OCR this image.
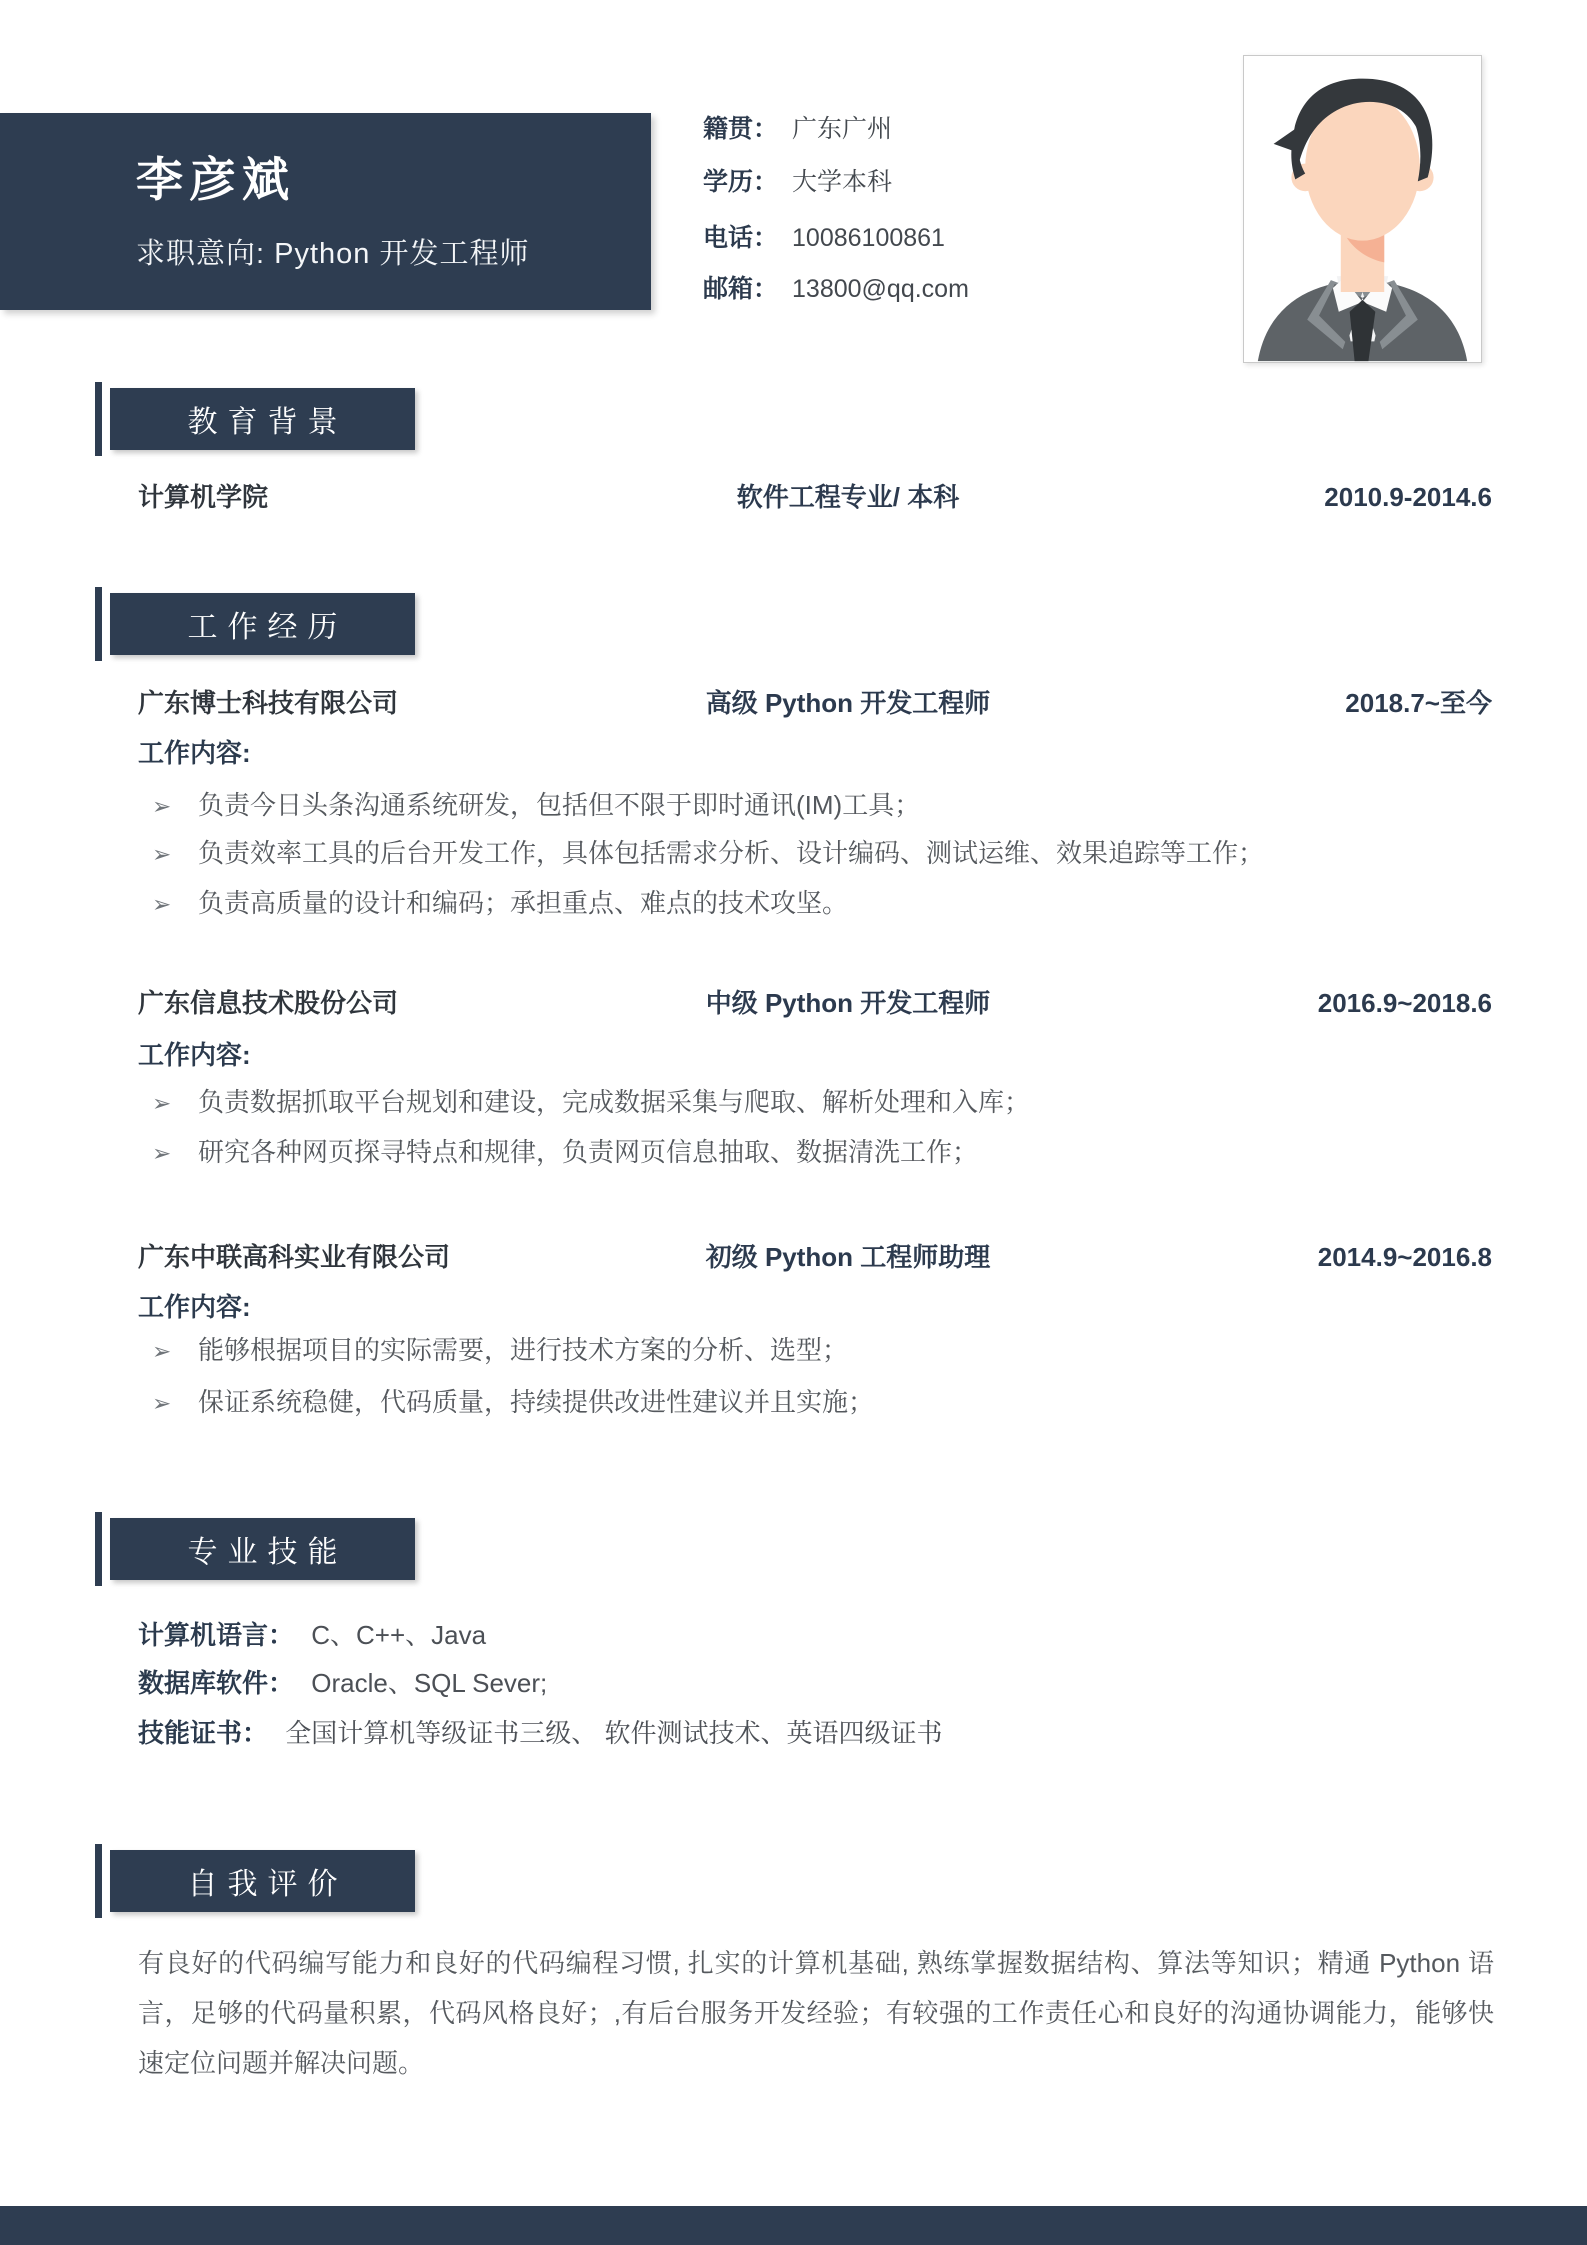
李彦斌
求职意向: Python 开发工程师
籍贯： 广东广州
学历： 大学本科
电话： 10086100861
邮箱： 13800@qq.com
教育背景
计算机学院	软件工程专业/ 本科	2010.9-2014.6
工作经历
广东博士科技有限公司	高级 Python 开发工程师	2018.7~至今
工作内容:
➢	负责今日头条沟通系统研发，包括但不限于即时通讯(IM)工具；
➢	负责效率工具的后台开发工作，具体包括需求分析、设计编码、测试运维、效果追踪等工作；
➢	负责高质量的设计和编码；承担重点、难点的技术攻坚。
广东信息技术股份公司	中级 Python 开发工程师	2016.9~2018.6
工作内容:
➢	负责数据抓取平台规划和建设，完成数据采集与爬取、解析处理和入库；
➢	研究各种网页探寻特点和规律，负责网页信息抽取、数据清洗工作；
广东中联高科实业有限公司	初级 Python 工程师助理	2014.9~2016.8
工作内容:
➢	能够根据项目的实际需要，进行技术方案的分析、选型；
➢	保证系统稳健，代码质量，持续提供改进性建议并且实施；
专业技能
计算机语言： C、C++、Java
数据库软件： Oracle、SQL Sever;
技能证书： 全国计算机等级证书三级、 软件测试技术、英语四级证书
自我评价
有良好的代码编写能力和良好的代码编程习惯, 扎实的计算机基础, 熟练掌握数据结构、算法等知识；精通 Python 语言，足够的代码量积累，代码风格良好；,有后台服务开发经验；有较强的工作责任心和良好的沟通协调能力，能够快速定位问题并解决问题。
